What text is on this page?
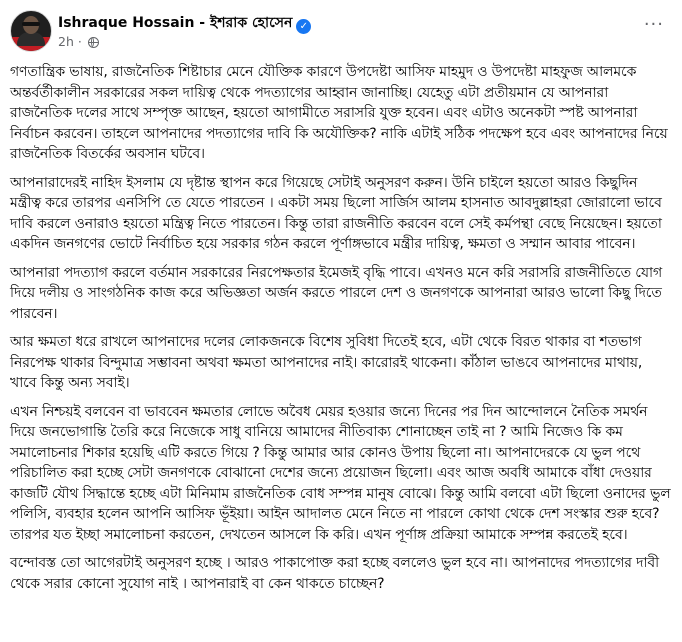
Ishraque Hossain - ইশরাক হোসেন ✓
2h ·
···

গণতান্ত্রিক ভাষায়, রাজনৈতিক শিষ্টাচার মেনে যৌক্তিক কারণে উপদেষ্টা আসিফ মাহমুদ ও উপদেষ্টা মাহফুজ আলমকে অন্তর্বর্তীকালীন সরকারের সকল দায়িত্ব থেকে পদত্যাগের আহ্বান জানাচ্ছি। যেহেতু এটা প্রতীয়মান যে আপনারা রাজনৈতিক দলের সাথে সম্পৃক্ত আছেন, হয়তো আগামীতে সরাসরি যুক্ত হবেন। এবং এটাও অনেকটা স্পষ্ট আপনারা নির্বাচন করবেন। তাহলে আপনাদের পদত্যাগের দাবি কি অযৌক্তিক? নাকি এটাই সঠিক পদক্ষেপ হবে এবং আপনাদের নিয়ে রাজনৈতিক বিতর্কের অবসান ঘটবে।

আপনারাদেরই নাহিদ ইসলাম যে দৃষ্টান্ত স্থাপন করে গিয়েছে সেটাই অনুসরণ করুন। উনি চাইলে হয়তো আরও কিছুদিন মন্ত্রীত্ব করে তারপর এনসিপি তে যেতে পারতেন । একটা সময় ছিলো সার্জিস আলম হাসনাত আবদুল্লাহরা জোরালো ভাবে দাবি করলে ওনারাও হয়তো মন্ত্রিত্ব নিতে পারতেন। কিন্তু তারা রাজনীতি করবেন বলে সেই কর্মপন্থা বেছে নিয়েছেন। হয়তো একদিন জনগণের ভোটে নির্বাচিত হয়ে সরকার গঠন করলে পূর্ণাঙ্গভাবে মন্ত্রীর দায়িত্ব, ক্ষমতা ও সম্মান আবার পাবেন।

আপনারা পদত্যাগ করলে বর্তমান সরকারের নিরপেক্ষতার ইমেজই বৃদ্ধি পাবে। এখনও মনে করি সরাসরি রাজনীতিতে যোগ দিয়ে দলীয় ও সাংগঠনিক কাজ করে অভিজ্ঞতা অর্জন করতে পারলে দেশ ও জনগণকে আপনারা আরও ভালো কিছু দিতে পারবেন।

আর ক্ষমতা ধরে রাখলে আপনাদের দলের লোকজনকে বিশেষ সুবিধা দিতেই হবে, এটা থেকে বিরত থাকার বা শতভাগ নিরপেক্ষ থাকার বিন্দুমাত্র সম্ভাবনা অথবা ক্ষমতা আপনাদের নাই। কারোরই থাকেনা। কাঁঠাল ভাঙবে আপনাদের মাথায়, খাবে কিন্তু অন্য সবাই।

এখন নিশ্চয়ই বলবেন বা ভাববেন ক্ষমতার লোভে অবৈধ মেয়র হওয়ার জন্যে দিনের পর দিন আন্দোলনে নৈতিক সমর্থন দিয়ে জনভোগান্তি তৈরি করে নিজেকে সাধু বানিয়ে আমাদের নীতিবাক্য শোনাচ্ছেন তাই না ? আমি নিজেও কি কম সমালোচনার শিকার হয়েছি এটি করতে গিয়ে ? কিন্তু আমার আর কোনও উপায় ছিলো না। আপনাদেরকে যে ভুল পথে পরিচালিত করা হচ্ছে সেটা জনগণকে বোঝানো দেশের জন্যে প্রয়োজন ছিলো। এবং আজ অবধি আমাকে বাঁধা দেওয়ার কাজটি যৌথ সিদ্ধান্তে হচ্ছে এটা মিনিমাম রাজনৈতিক বোধ সম্পন্ন মানুষ বোঝে। কিন্তু আমি বলবো এটা ছিলো ওনাদের ভুল পলিসি, ব্যবহার হলেন আপনি আসিফ ভূঁইয়া। আইন আদালত মেনে নিতে না পারলে কোথা থেকে দেশ সংস্কার শুরু হবে? তারপর যত ইচ্ছা সমালোচনা করতেন, দেখতেন আসলে কি করি। এখন পূর্ণাঙ্গ প্রক্রিয়া আমাকে সম্পন্ন করতেই হবে।

বন্দোবস্ত তো আগেরটাই অনুসরণ হচ্ছে । আরও পাকাপোক্ত করা হচ্ছে বললেও ভুল হবে না। আপনাদের পদত্যাগের দাবী থেকে সরার কোনো সুযোগ নাই । আপনারাই বা কেন থাকতে চাচ্ছেন?
